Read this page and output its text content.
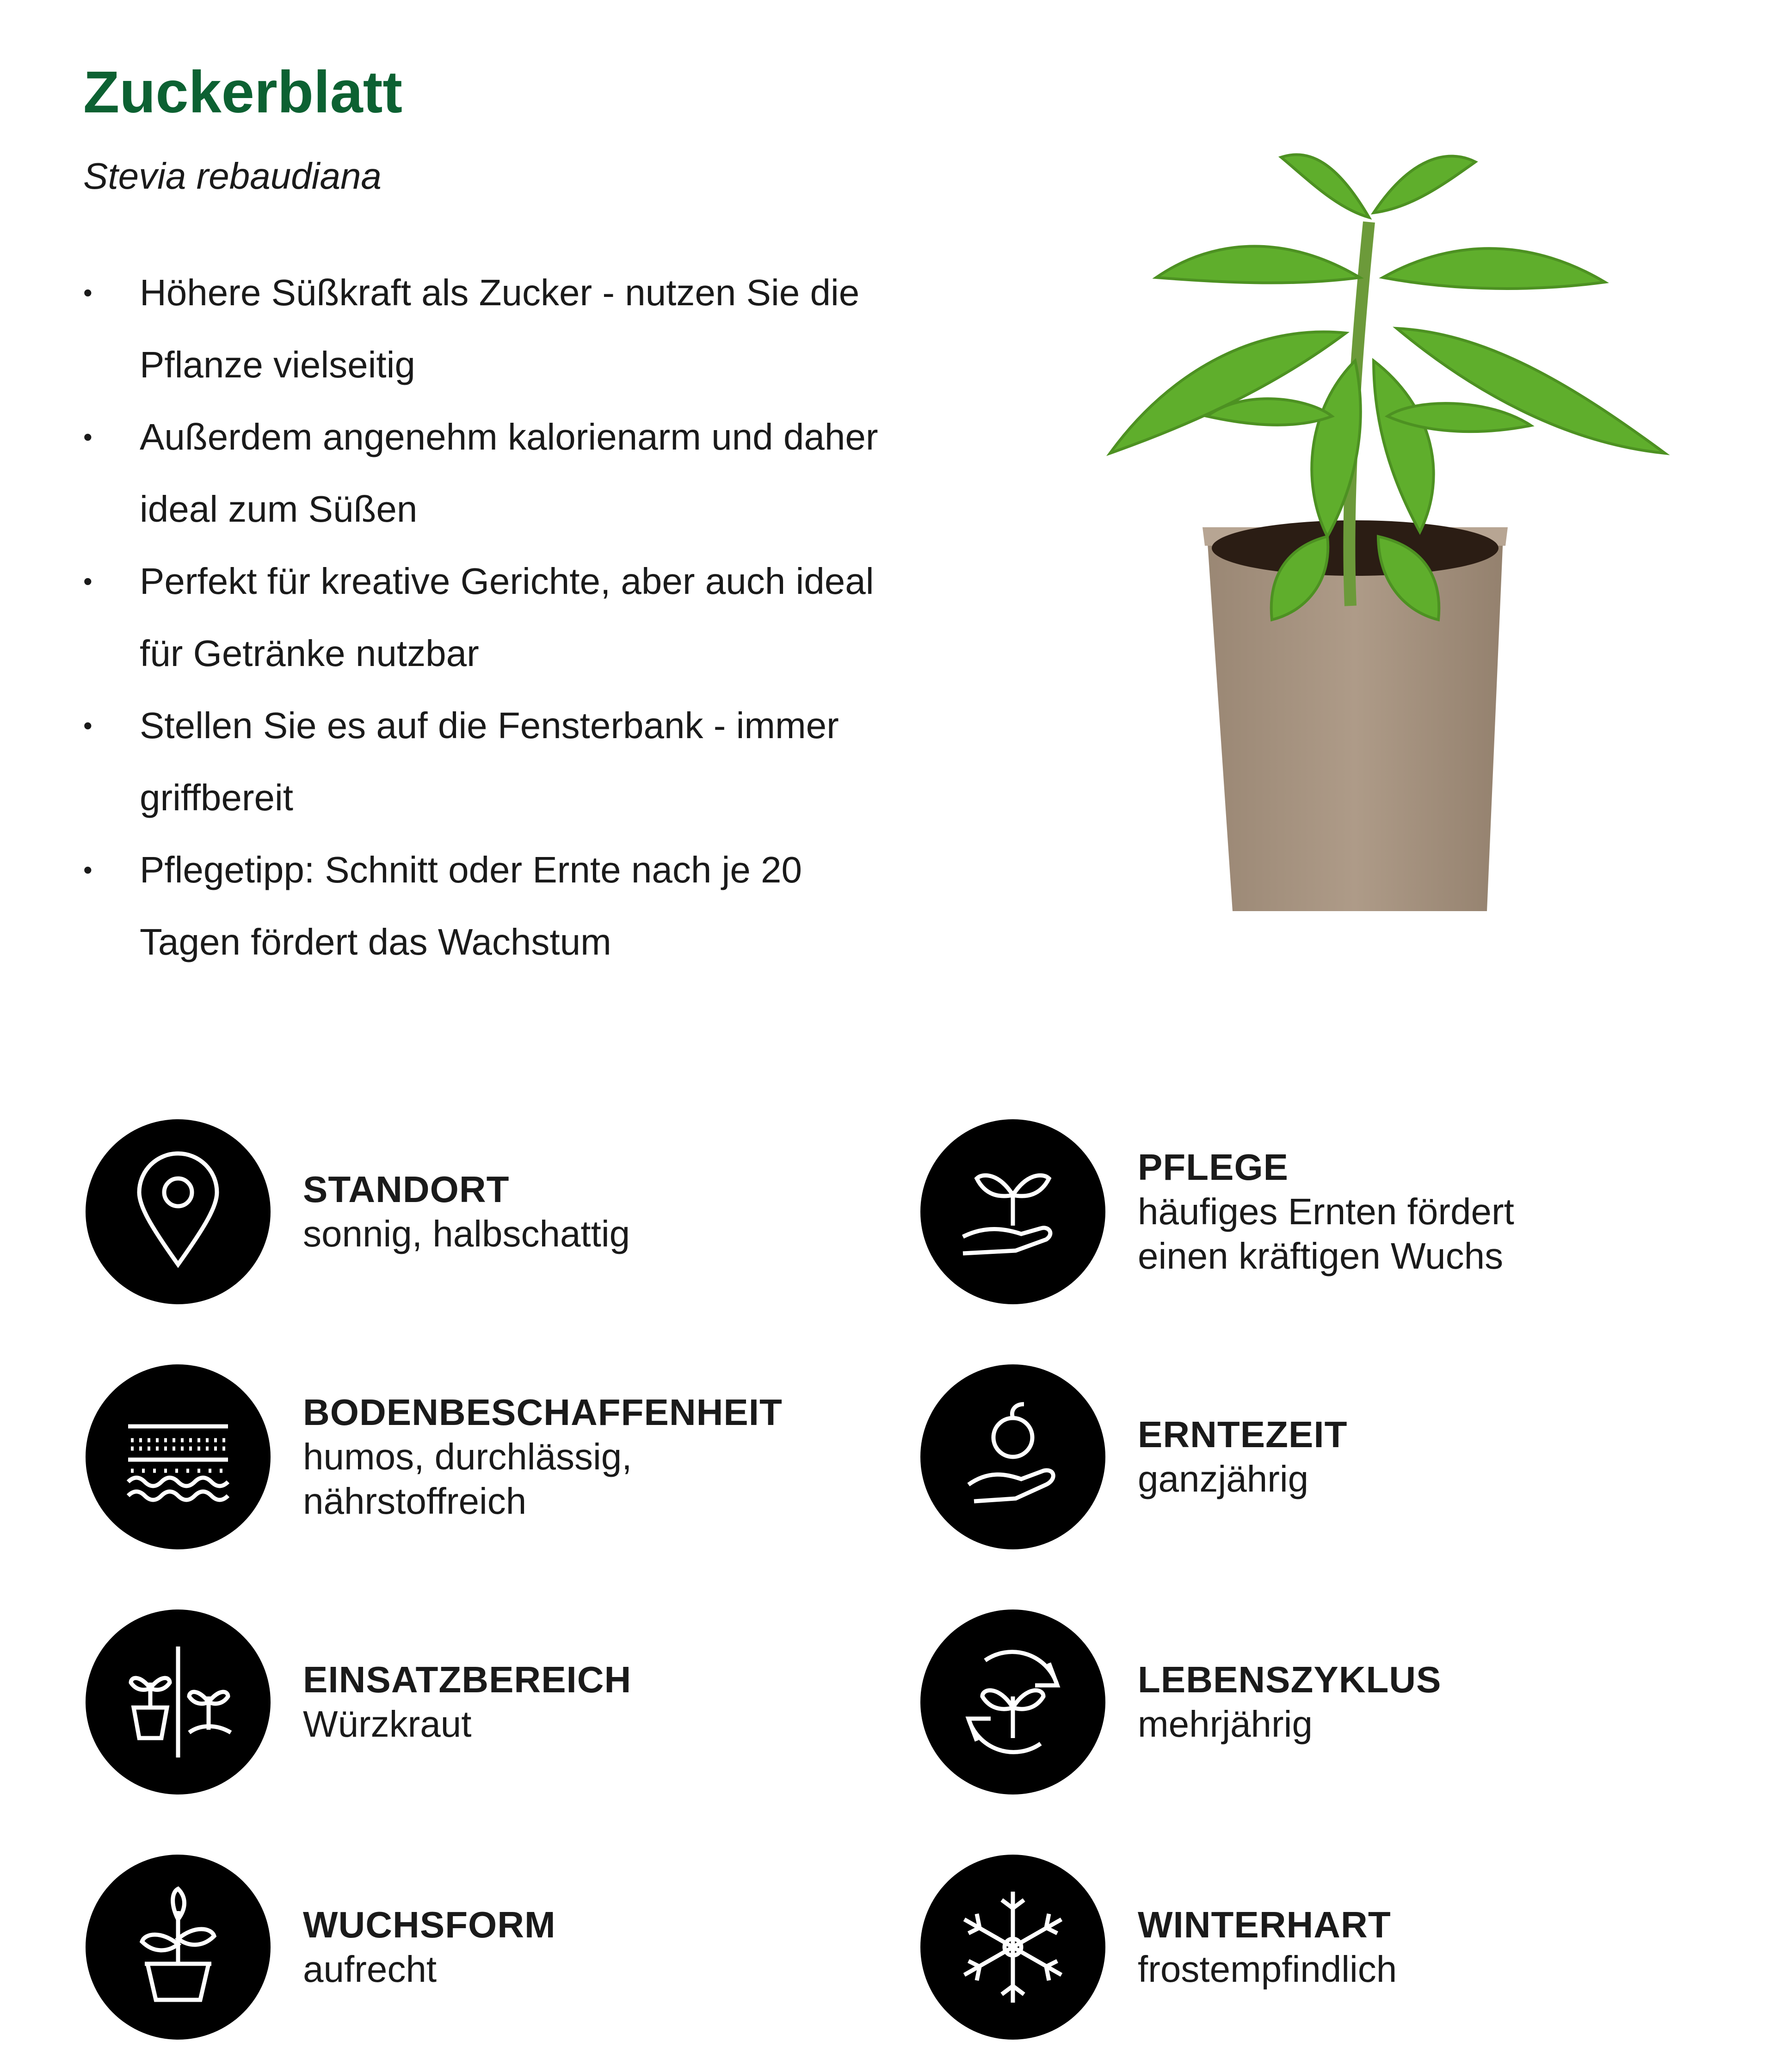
Zuckerblatt

Stevia rebaudiana

• Höhere Süßkraft als Zucker - nutzen Sie die Pflanze vielseitig
• Außerdem angenehm kalorienarm und daher ideal zum Süßen
• Perfekt für kreative Gerichte, aber auch ideal für Getränke nutzbar
• Stellen Sie es auf die Fensterbank - immer griffbereit
• Pflegetipp: Schnitt oder Ernte nach je 20 Tagen fördert das Wachstum
STANDORT
sonnig, halbschattig
PFLEGE
häufiges Ernten fördert einen kräftigen Wuchs
BODENBESCHAFFENHEIT
humos, durchlässig, nährstoffreich
ERNTEZEIT
ganzjährig
EINSATZBEREICH
Würzkraut
LEBENSZYKLUS
mehrjährig
WUCHSFORM
aufrecht
WINTERHART
frostempfindlich
